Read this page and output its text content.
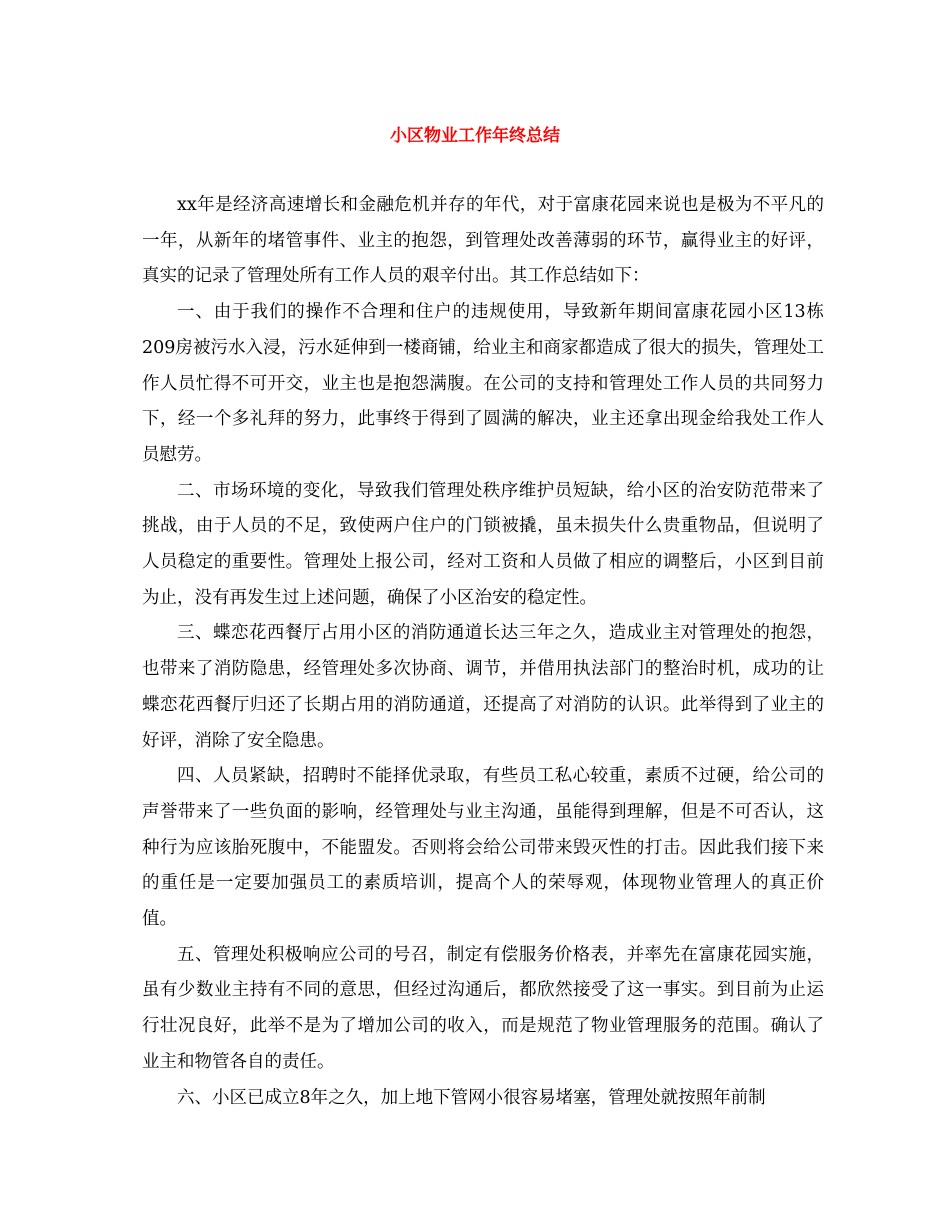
小区物业工作年终总结

xx年是经济高速增长和金融危机并存的年代，对于富康花园来说也是极为不平凡的一年，从新年的堵管事件、业主的抱怨，到管理处改善薄弱的环节，赢得业主的好评，真实的记录了管理处所有工作人员的艰辛付出。其工作总结如下：

一、由于我们的操作不合理和住户的违规使用，导致新年期间富康花园小区13栋209房被污水入浸，污水延伸到一楼商铺，给业主和商家都造成了很大的损失，管理处工作人员忙得不可开交，业主也是抱怨满腹。在公司的支持和管理处工作人员的共同努力下，经一个多礼拜的努力，此事终于得到了圆满的解决，业主还拿出现金给我处工作人员慰劳。

二、市场环境的变化，导致我们管理处秩序维护员短缺，给小区的治安防范带来了挑战，由于人员的不足，致使两户住户的门锁被撬，虽未损失什么贵重物品，但说明了人员稳定的重要性。管理处上报公司，经对工资和人员做了相应的调整后，小区到目前为止，没有再发生过上述问题，确保了小区治安的稳定性。

三、蝶恋花西餐厅占用小区的消防通道长达三年之久，造成业主对管理处的抱怨，也带来了消防隐患，经管理处多次协商、调节，并借用执法部门的整治时机，成功的让蝶恋花西餐厅归还了长期占用的消防通道，还提高了对消防的认识。此举得到了业主的好评，消除了安全隐患。

四、人员紧缺，招聘时不能择优录取，有些员工私心较重，素质不过硬，给公司的声誉带来了一些负面的影响，经管理处与业主沟通，虽能得到理解，但是不可否认，这种行为应该胎死腹中，不能盟发。否则将会给公司带来毁灭性的打击。因此我们接下来的重任是一定要加强员工的素质培训，提高个人的荣辱观，体现物业管理人的真正价值。

五、管理处积极响应公司的号召，制定有偿服务价格表，并率先在富康花园实施，虽有少数业主持有不同的意思，但经过沟通后，都欣然接受了这一事实。到目前为止运行壮况良好，此举不是为了增加公司的收入，而是规范了物业管理服务的范围。确认了业主和物管各自的责任。

六、小区已成立8年之久，加上地下管网小很容易堵塞，管理处就按照年前制
